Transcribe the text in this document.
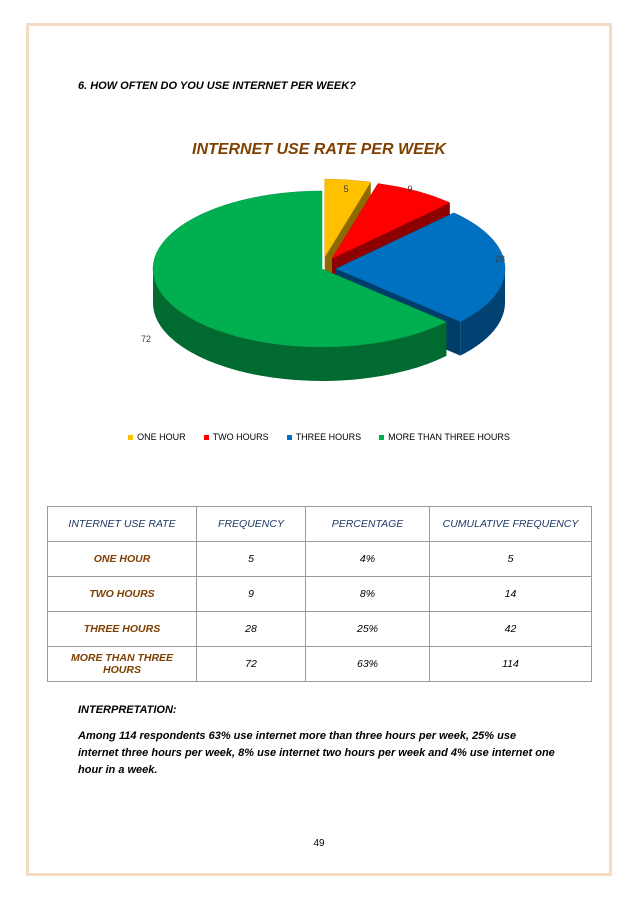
6. HOW OFTEN DO YOU USE INTERNET PER WEEK?
INTERNET USE RATE PER WEEK
5	9
28
72
ONE HOUR	TWO HOURS	THREE HOURS	MORE THAN THREE HOURS
INTERNET USE RATE	FREQUENCY	PERCENTAGE	CUMULATIVE FREQUENCY
ONE HOUR	5	4%	5
TWO HOURS	9	8%	14
THREE HOURS	28	25%	42
MORE THAN THREE HOURS	72	63%	114
INTERPRETATION:
Among 114 respondents 63% use internet more than three hours per week, 25% use internet three hours per week, 8% use internet two hours per week and 4% use internet one hour in a week.
49
